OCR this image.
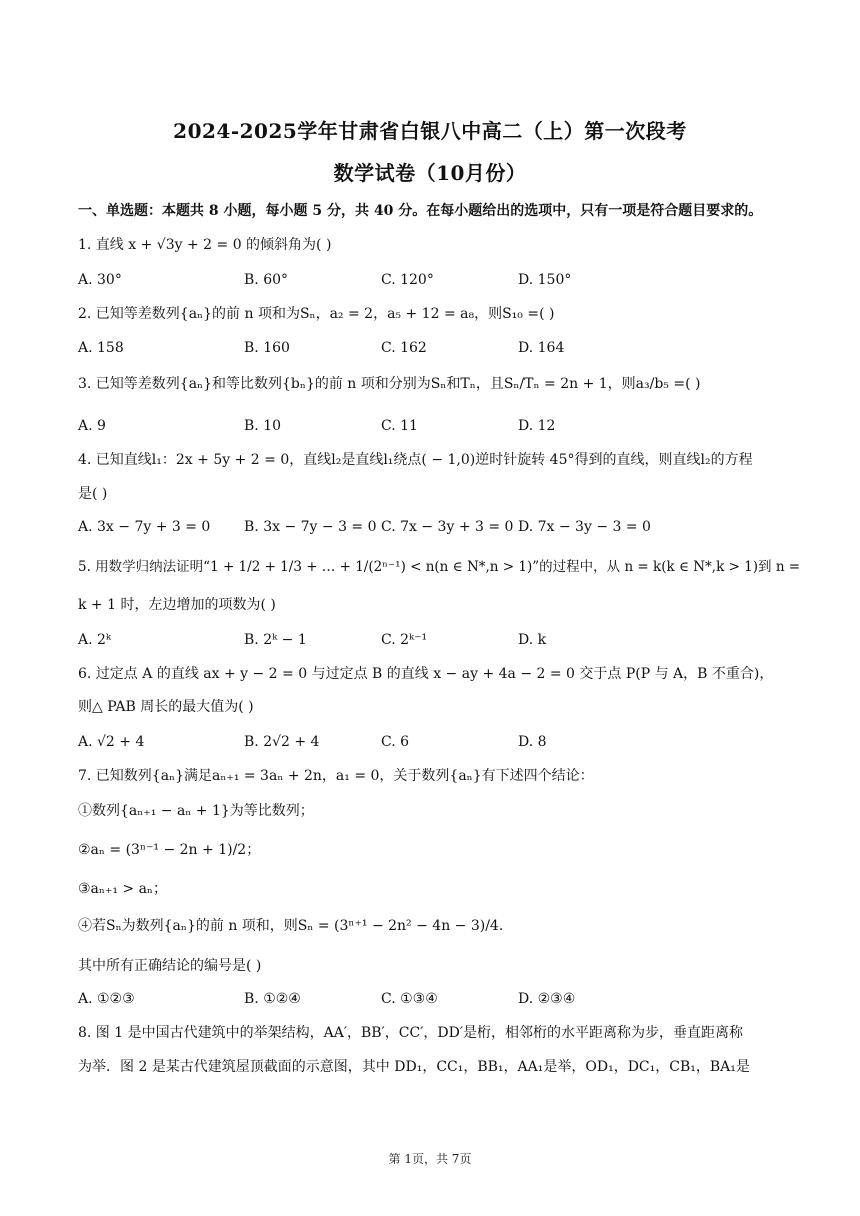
2024-2025学年甘肃省白银八中高二（上）第一次段考
数学试卷（10月份）
一、单选题：本题共 8 小题，每小题 5 分，共 40 分。在每小题给出的选项中，只有一项是符合题目要求的。
1. 直线 x + √3y + 2 = 0 的倾斜角为( )
A. 30°	B. 60°	C. 120°	D. 150°
2. 已知等差数列{aₙ}的前 n 项和为Sₙ，a₂ = 2，a₅ + 12 = a₈，则S₁₀ =( )
A. 158	B. 160	C. 162	D. 164
3. 已知等差数列{aₙ}和等比数列{bₙ}的前 n 项和分别为Sₙ和Tₙ，且Sₙ/Tₙ = 2n + 1，则a₃/b₅ =( )
A. 9	B. 10	C. 11	D. 12
4. 已知直线l₁：2x + 5y + 2 = 0，直线l₂是直线l₁绕点( − 1,0)逆时针旋转 45°得到的直线，则直线l₂的方程
是( )
A. 3x − 7y + 3 = 0 B. 3x − 7y − 3 = 0 C. 7x − 3y + 3 = 0 D. 7x − 3y − 3 = 0
5. 用数学归纳法证明“1 + 1/2 + 1/3 + … + 1/(2ⁿ⁻¹) < n(n ∈ N*,n > 1)”的过程中，从 n = k(k ∈ N*,k > 1)到 n =
k + 1 时，左边增加的项数为( )
A. 2ᵏ	B. 2ᵏ − 1	C. 2ᵏ⁻¹	D. k
6. 过定点 A 的直线 ax + y − 2 = 0 与过定点 B 的直线 x − ay + 4a − 2 = 0 交于点 P(P 与 A，B 不重合)，
则△ PAB 周长的最大值为( )
A. √2 + 4	B. 2√2 + 4	C. 6	D. 8
7. 已知数列{aₙ}满足aₙ₊₁ = 3aₙ + 2n，a₁ = 0，关于数列{aₙ}有下述四个结论：
①数列{aₙ₊₁ − aₙ + 1}为等比数列；
②aₙ = (3ⁿ⁻¹ − 2n + 1)/2；
③aₙ₊₁ > aₙ；
④若Sₙ为数列{aₙ}的前 n 项和，则Sₙ = (3ⁿ⁺¹ − 2n² − 4n − 3)/4.
其中所有正确结论的编号是( )
A. ①②③	B. ①②④	C. ①③④	D. ②③④
8. 图 1 是中国古代建筑中的举架结构，AA′，BB′，CC′，DD′是桁，相邻桁的水平距离称为步，垂直距离称
为举．图 2 是某古代建筑屋顶截面的示意图，其中 DD₁，CC₁，BB₁，AA₁是举，OD₁，DC₁，CB₁，BA₁是
第 1页，共 7页
